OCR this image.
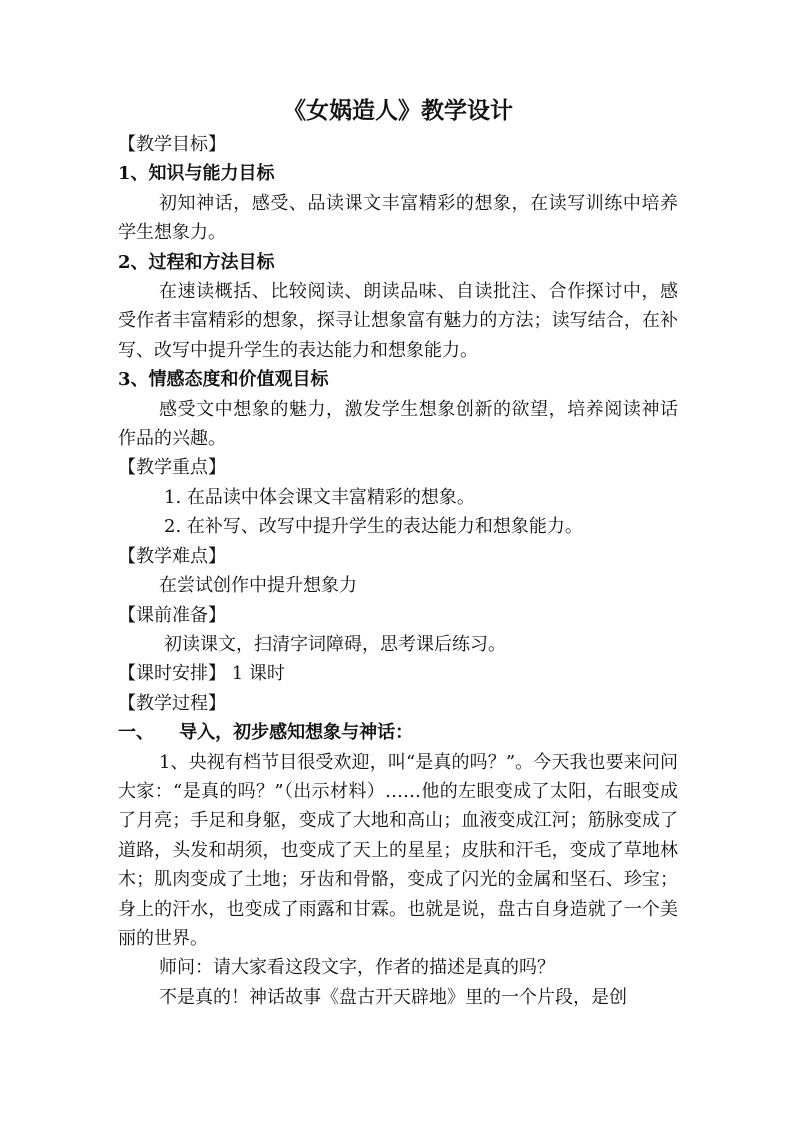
《女娲造人》教学设计
【教学目标】
1、知识与能力目标

初知神话，感受、品读课文丰富精彩的想象，在读写训练中培养学生想象力。

2、过程和方法目标

在速读概括、比较阅读、朗读品味、自读批注、合作探讨中，感受作者丰富精彩的想象，探寻让想象富有魅力的方法；读写结合，在补写、改写中提升学生的表达能力和想象能力。

3、情感态度和价值观目标

感受文中想象的魅力，激发学生想象创新的欲望，培养阅读神话作品的兴趣。

【教学重点】
1. 在品读中体会课文丰富精彩的想象。
2. 在补写、改写中提升学生的表达能力和想象能力。
【教学难点】
在尝试创作中提升想象力
【课前准备】
初读课文，扫清字词障碍，思考课后练习。
【课时安排】 1 课时
【教学过程】
一、    导入，初步感知想象与神话：

1、央视有档节目很受欢迎，叫“是真的吗？”。今天我也要来问问大家：“是真的吗？”（出示材料）……他的左眼变成了太阳，右眼变成了月亮；手足和身躯，变成了大地和高山；血液变成江河；筋脉变成了道路，头发和胡须，也变成了天上的星星；皮肤和汗毛，变成了草地林木；肌肉变成了土地；牙齿和骨骼，变成了闪光的金属和坚石、珍宝；身上的汗水，也变成了雨露和甘霖。也就是说，盘古自身造就了一个美丽的世界。

师问：请大家看这段文字，作者的描述是真的吗？

不是真的！神话故事《盘古开天辟地》里的一个片段，是创
